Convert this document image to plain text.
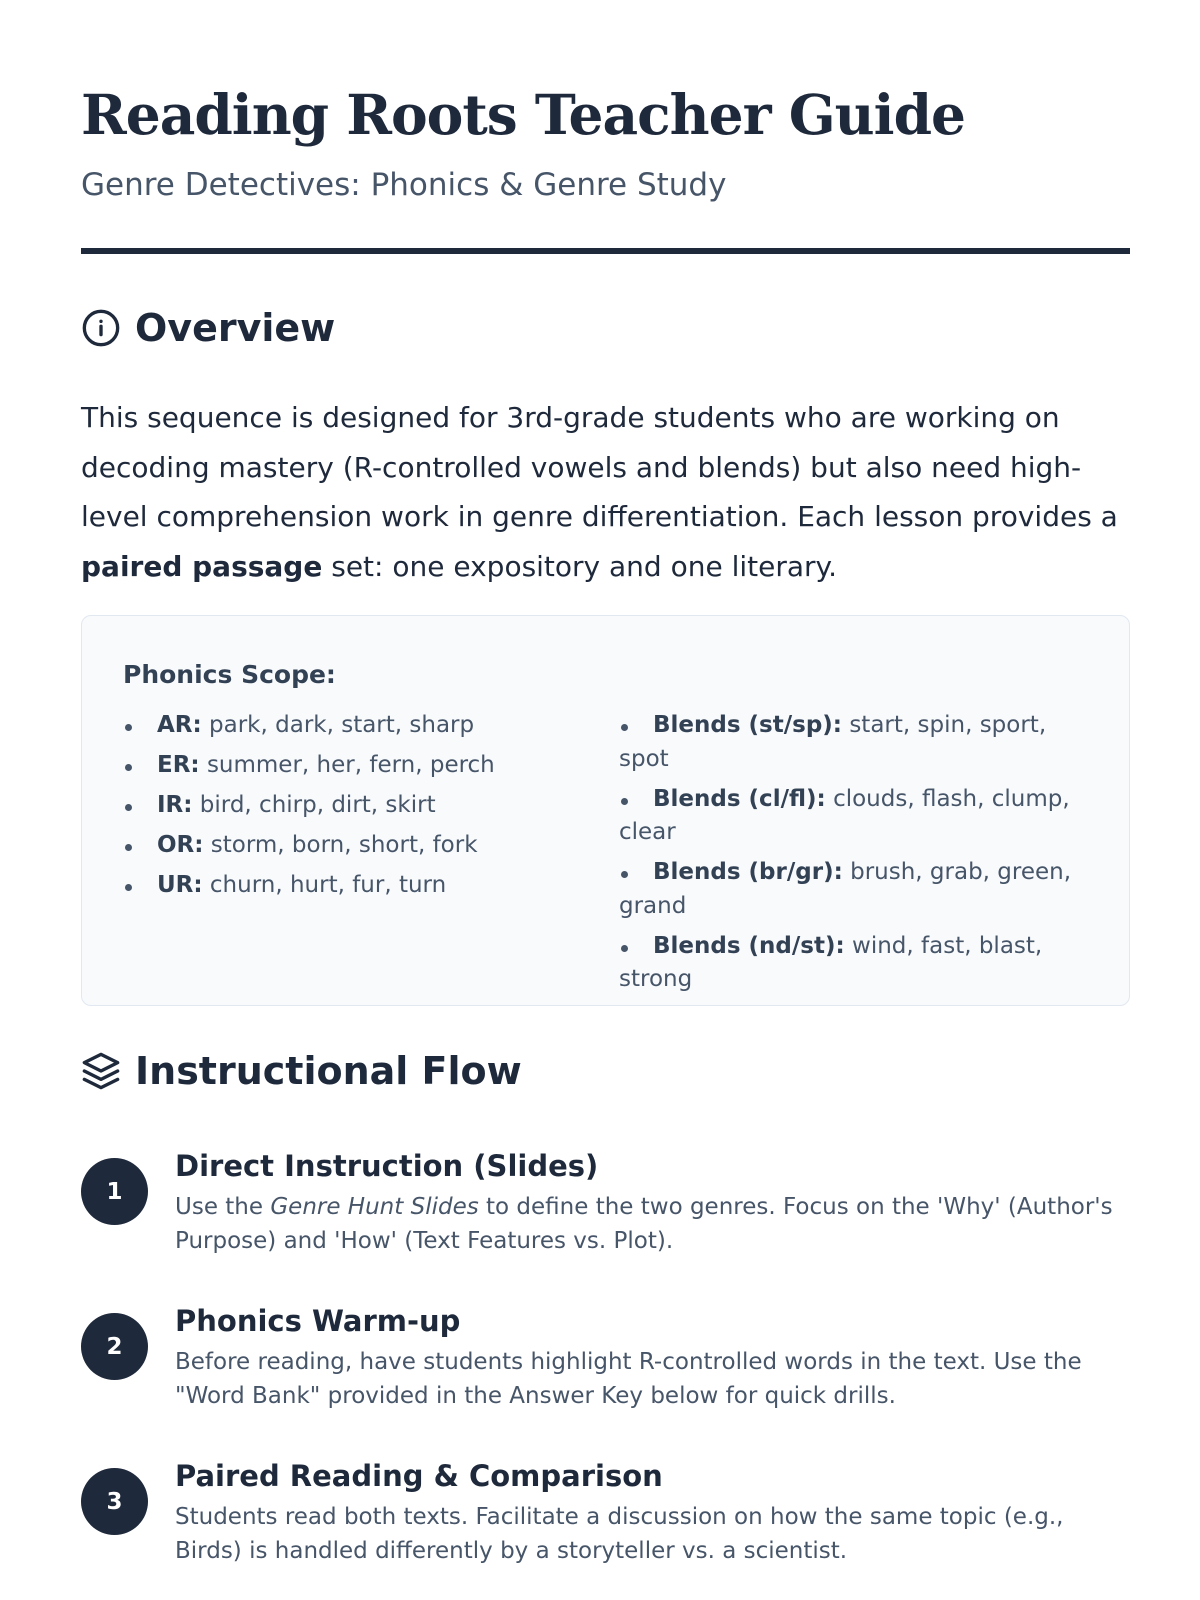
Reading Roots Teacher Guide

Genre Detectives: Phonics & Genre Study

Overview

This sequence is designed for 3rd-grade students who are working on decoding mastery (R-controlled vowels and blends) but also need high-level comprehension work in genre differentiation. Each lesson provides a paired passage set: one expository and one literary.

Phonics Scope:
AR: park, dark, start, sharp
ER: summer, her, fern, perch
IR: bird, chirp, dirt, skirt
OR: storm, born, short, fork
UR: churn, hurt, fur, turn
Blends (st/sp): start, spin, sport, spot
Blends (cl/fl): clouds, flash, clump, clear
Blends (br/gr): brush, grab, green, grand
Blends (nd/st): wind, fast, blast, strong
Instructional Flow
1
Direct Instruction (Slides)

Use the Genre Hunt Slides to define the two genres. Focus on the 'Why' (Author's Purpose) and 'How' (Text Features vs. Plot).

2
Phonics Warm-up

Before reading, have students highlight R-controlled words in the text. Use the "Word Bank" provided in the Answer Key below for quick drills.

3
Paired Reading & Comparison

Students read both texts. Facilitate a discussion on how the same topic (e.g., Birds) is handled differently by a storyteller vs. a scientist.
